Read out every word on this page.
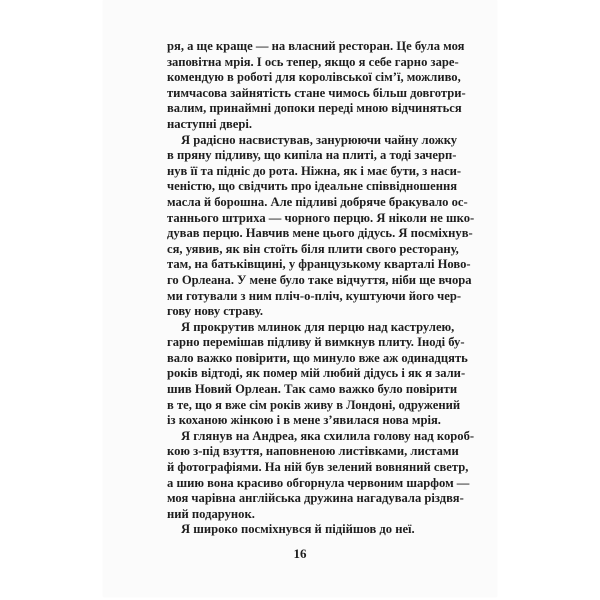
ря, а ще краще — на власний ресторан. Це була моя
заповітна мрія. І ось тепер, якщо я себе гарно заре-
комендую в роботі для королівської сім’ї, можливо,
тимчасова зайнятість стане чимось більш довготри-
валим, принаймні допоки переді мною відчиняться
наступні двері.
Я радісно насвистував, занурюючи чайну ложку
в пряну підливу, що кипіла на плиті, а тоді зачерп-
нув її та підніс до рота. Ніжна, як і має бути, з наси-
ченістю, що свідчить про ідеальне співвідношення
масла й борошна. Але підливі добряче бракувало ос-
таннього штриха — чорного перцю. Я ніколи не шко-
дував перцю. Навчив мене цього дідусь. Я посміхнув-
ся, уявив, як він стоїть біля плити свого ресторану,
там, на батьківщині, у французькому кварталі Ново-
го Орлеана. У мене було таке відчуття, ніби ще вчора
ми готували з ним пліч-о-пліч, куштуючи його чер-
гову нову страву.
Я прокрутив млинок для перцю над каструлею,
гарно перемішав підливу й вимкнув плиту. Іноді бу-
вало важко повірити, що минуло вже аж одинадцять
років відтоді, як помер мій любий дідусь і як я зали-
шив Новий Орлеан. Так само важко було повірити
в те, що я вже сім років живу в Лондоні, одружений
із коханою жінкою і в мене з’явилася нова мрія.
Я глянув на Андреа, яка схилила голову над короб-
кою з-під взуття, наповненою листівками, листами
й фотографіями. На ній був зелений вовняний светр,
а шию вона красиво обгорнула червоним шарфом —
моя чарівна англійська дружина нагадувала різдвя-
ний подарунок.
Я широко посміхнувся й підійшов до неї.
16
